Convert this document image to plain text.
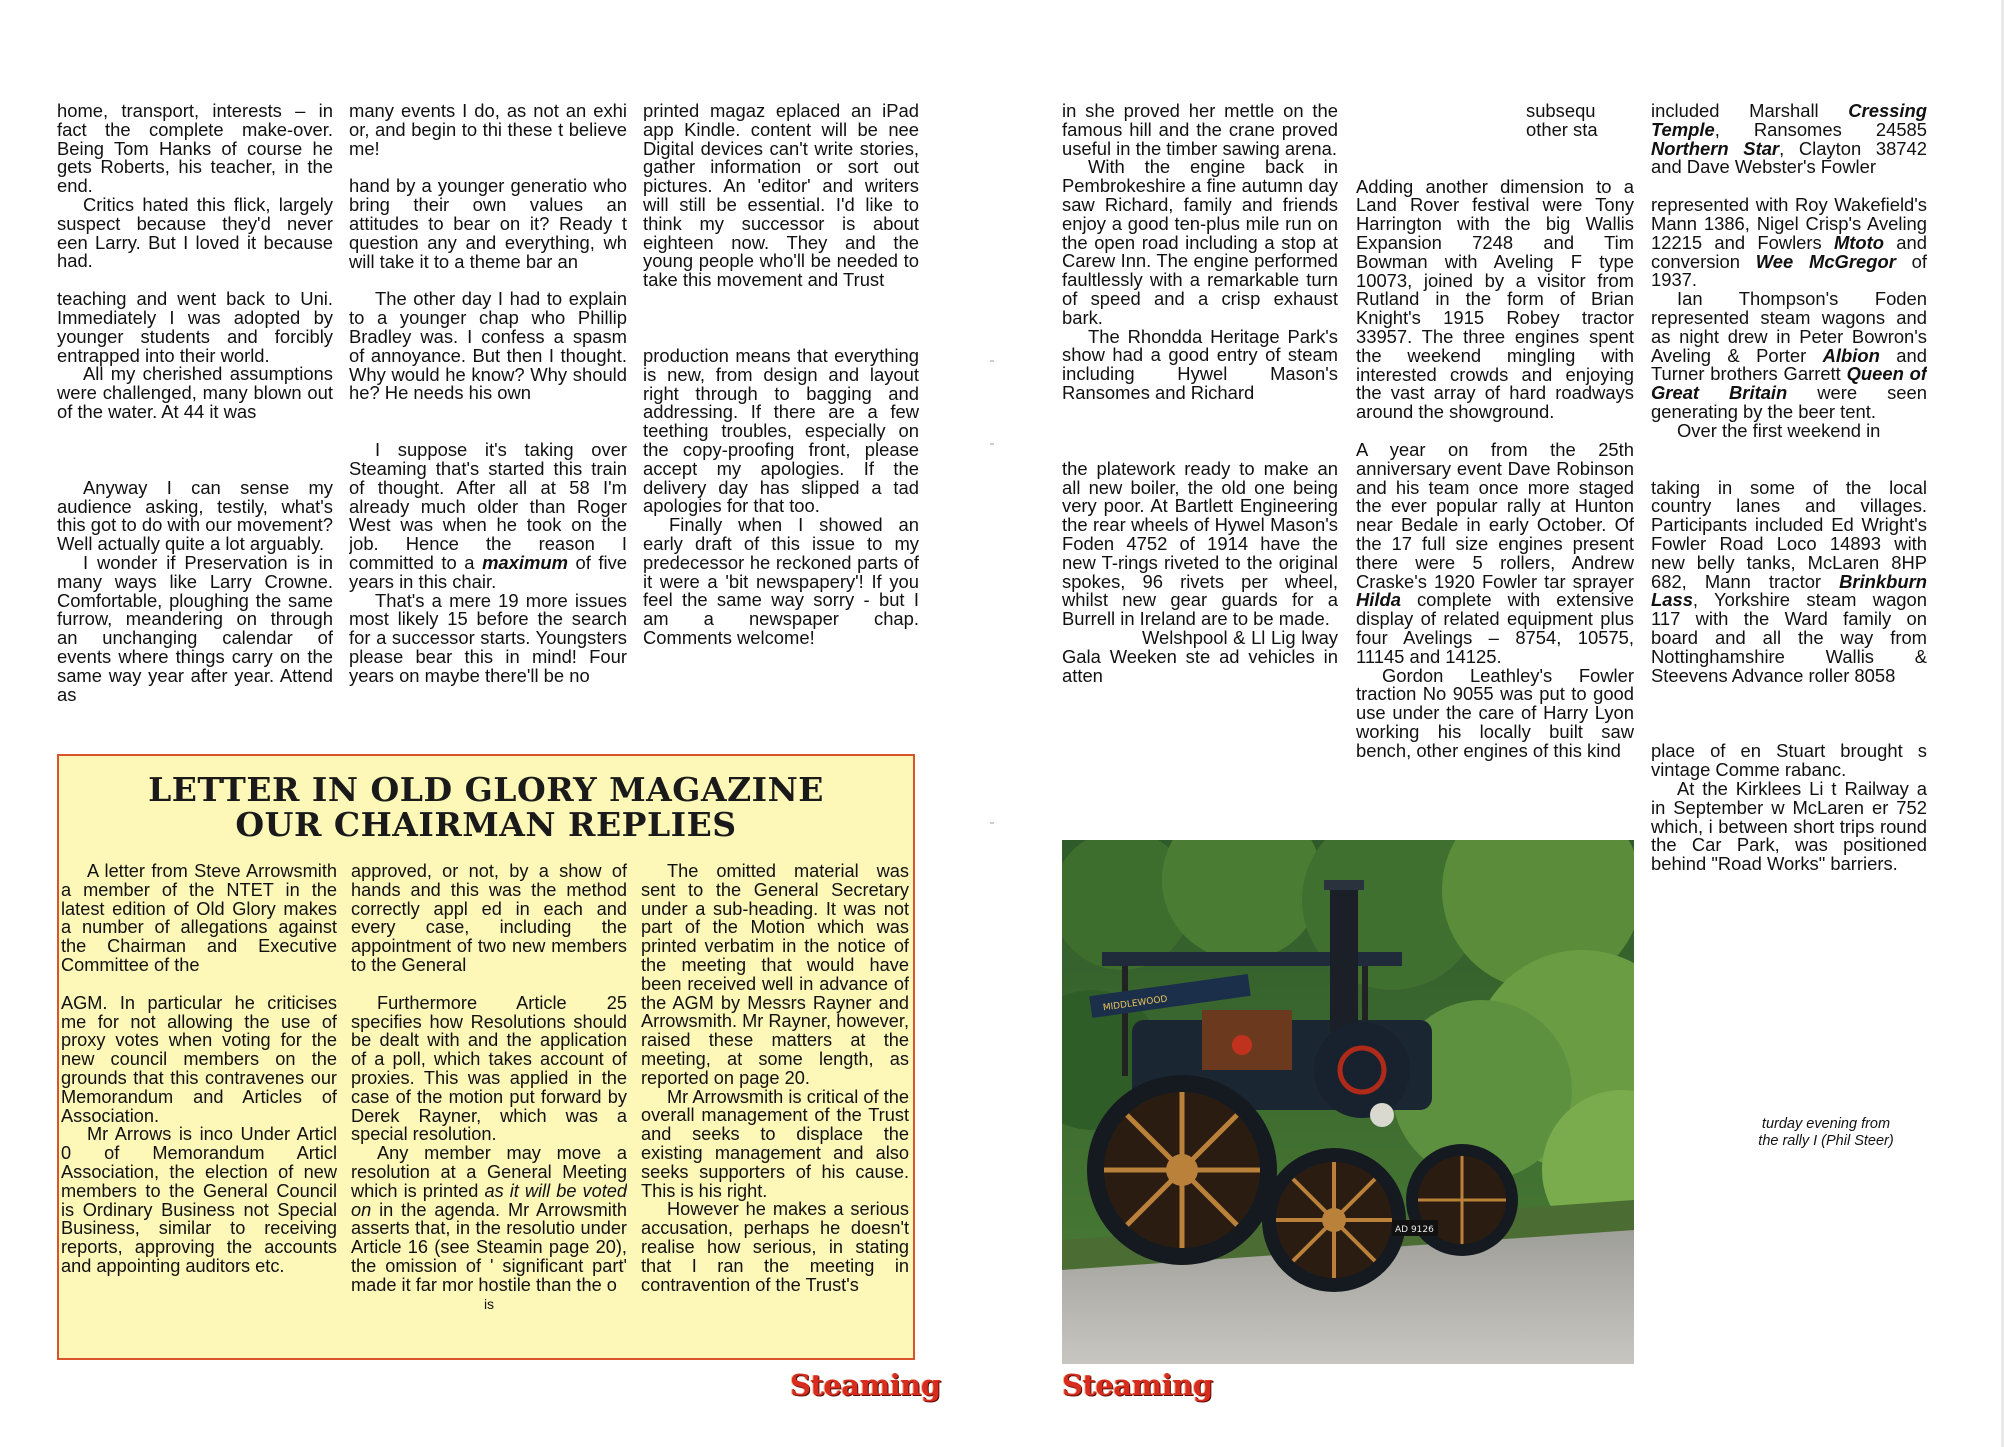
home, transport, interests – in fact the complete make-over. Being Tom Hanks of course he gets Roberts, his teacher, in the end.

Critics hated this flick, largely suspect because they'd never een Larry. But I loved it because had.

teaching and went back to Uni. Immediately I was adopted by younger students and forcibly entrapped into their world.

All my cherished assumptions were challenged, many blown out of the water. At 44 it was

Anyway I can sense my audience asking, testily, what's this got to do with our movement? Well actually quite a lot arguably.

I wonder if Preservation is in many ways like Larry Crowne. Comfortable, ploughing the same furrow, meandering on through an unchanging calendar of events where things carry on the same way year after year. Attend as

many events I do, as not an exhi or, and begin to thi these t believe me!

hand by a younger generatio who bring their own values an attitudes to bear on it? Ready t question any and everything, wh will take it to a theme bar an

The other day I had to explain to a younger chap who Phillip Bradley was. I confess a spasm of annoyance. But then I thought. Why would he know? Why should he? He needs his own

I suppose it's taking over Steaming that's started this train of thought. After all at 58 I'm already much older than Roger West was when he took on the job. Hence the reason I committed to a maximum of five years in this chair.

That's a mere 19 more issues most likely 15 before the search for a successor starts. Youngsters please bear this in mind! Four years on maybe there'll be no

printed magaz eplaced an iPad app Kindle. content will be nee Digital devices can't write stories, gather information or sort out pictures. An 'editor' and writers will still be essential. I'd like to think my successor is about eighteen now. They and the young people who'll be needed to take this movement and Trust

production means that everything is new, from design and layout right through to bagging and addressing. If there are a few teething troubles, especially on the copy-proofing front, please accept my apologies. If the delivery day has slipped a tad apologies for that too.

Finally when I showed an early draft of this issue to my predecessor he reckoned parts of it were a 'bit newspapery'! If you feel the same way sorry - but I am a newspaper chap. Comments welcome!

LETTER IN OLD GLORY MAGAZINE
OUR CHAIRMAN REPLIES

A letter from Steve Arrowsmith a member of the NTET in the latest edition of Old Glory makes a number of allegations against the Chairman and Executive Committee of the

AGM. In particular he criticises me for not allowing the use of proxy votes when voting for the new council members on the grounds that this contravenes our Memorandum and Articles of Association.

Mr Arrows is inco Under Articl 0 of Memorandum Articl Association, the election of new members to the General Council is Ordinary Business not Special Business, similar to receiving reports, approving the accounts and appointing auditors etc.

approved, or not, by a show of hands and this was the method correctly appl ed in each and every case, including the appointment of two new members to the General

Furthermore Article 25 specifies how Resolutions should be dealt with and the application of a poll, which takes account of proxies. This was applied in the case of the motion put forward by Derek Rayner, which was a special resolution.

Any member may move a resolution at a General Meeting which is printed as it will be voted on in the agenda. Mr Arrowsmith asserts that, in the resolutio under Article 16 (see Steamin page 20), the omission of ' significant part' made it far mor hostile than the o

is

The omitted material was sent to the General Secretary under a sub-heading. It was not part of the Motion which was printed verbatim in the notice of the meeting that would have been received well in advance of the AGM by Messrs Rayner and Arrowsmith. Mr Rayner, however, raised these matters at the meeting, at some length, as reported on page 20.

Mr Arrowsmith is critical of the overall management of the Trust and seeks to displace the existing management and also seeks supporters of his cause. This is his right.

However he makes a serious accusation, perhaps he doesn't realise how serious, in stating that I ran the meeting in contravention of the Trust's

Steaming

in she proved her mettle on the famous hill and the crane proved useful in the timber sawing arena.

With the engine back in Pembrokeshire a fine autumn day saw Richard, family and friends enjoy a good ten-plus mile run on the open road including a stop at Carew Inn. The engine performed faultlessly with a remarkable turn of speed and a crisp exhaust bark.

The Rhondda Heritage Park's show had a good entry of steam including Hywel Mason's Ransomes and Richard

the platework ready to make an all new boiler, the old one being very poor. At Bartlett Engineering the rear wheels of Hywel Mason's Foden 4752 of 1914 have the new T-rings riveted to the original spokes, 96 rivets per wheel, whilst new gear guards for a Burrell in Ireland are to be made.

Welshpool & Ll Lig lway Gala Weeken ste ad vehicles in atten

subsequ other sta

Adding another dimension to a Land Rover festival were Tony Harrington with the big Wallis Expansion 7248 and Tim Bowman with Aveling F type 10073, joined by a visitor from Rutland in the form of Brian Knight's 1915 Robey tractor 33957. The three engines spent the weekend mingling with interested crowds and enjoying the vast array of hard roadways around the showground.

A year on from the 25th anniversary event Dave Robinson and his team once more staged the ever popular rally at Hunton near Bedale in early October. Of the 17 full size engines present there were 5 rollers, Andrew Craske's 1920 Fowler tar sprayer Hilda complete with extensive display of related equipment plus four Avelings – 8754, 10575, 11145 and 14125.

Gordon Leathley's Fowler traction No 9055 was put to good use under the care of Harry Lyon working his locally built saw bench, other engines of this kind

included Marshall Cressing Temple, Ransomes 24585 Northern Star, Clayton 38742 and Dave Webster's Fowler

represented with Roy Wakefield's Mann 1386, Nigel Crisp's Aveling 12215 and Fowlers Mtoto and conversion Wee McGregor of 1937.

Ian Thompson's Foden represented steam wagons and as night drew in Peter Bowron's Aveling & Porter Albion and Turner brothers Garrett Queen of Great Britain were seen generating by the beer tent.

Over the first weekend in

taking in some of the local country lanes and villages. Participants included Ed Wright's Fowler Road Loco 14893 with new belly tanks, McLaren 8HP 682, Mann tractor Brinkburn Lass, Yorkshire steam wagon 117 with the Ward family on board and all the way from Nottinghamshire Wallis & Steevens Advance roller 8058

place of en Stuart brought s vintage Comme rabanc.

At the Kirklees Li t Railway a in September w McLaren er 752 which, i between short trips round the Car Park, was positioned behind "Road Works" barriers.

MIDDLEWOOD
AD 9126
turday evening from the rally I (Phil Steer)
Steaming
